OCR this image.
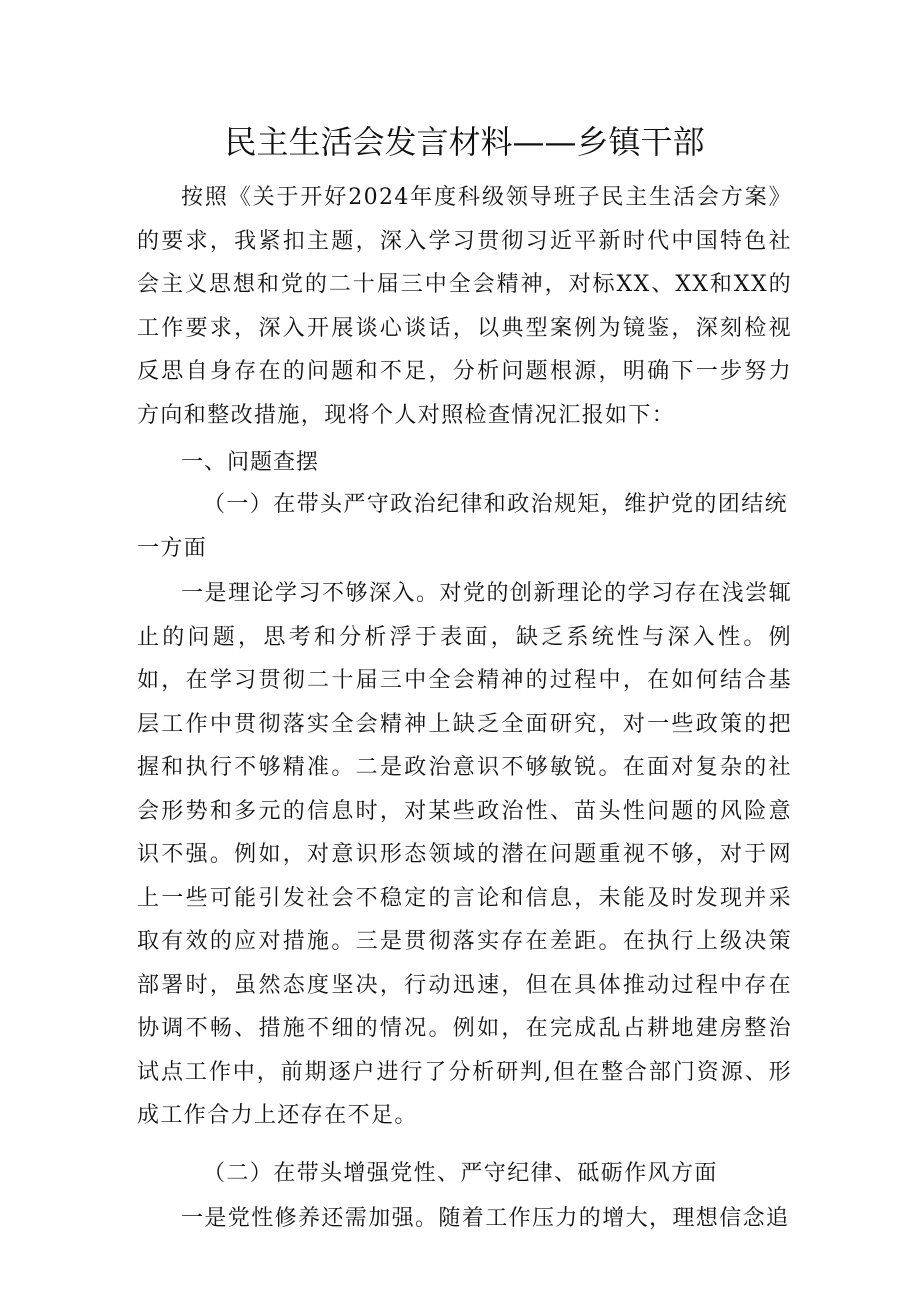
民主生活会发言材料——乡镇干部

按照《关于开好2024年度科级领导班子民主生活会方案》的要求，我紧扣主题，深入学习贯彻习近平新时代中国特色社会主义思想和党的二十届三中全会精神，对标XX、XX和XX的工作要求，深入开展谈心谈话，以典型案例为镜鉴，深刻检视反思自身存在的问题和不足，分析问题根源，明确下一步努力方向和整改措施，现将个人对照检查情况汇报如下：

一、问题查摆

（一）在带头严守政治纪律和政治规矩，维护党的团结统一方面

一是理论学习不够深入。对党的创新理论的学习存在浅尝辄止的问题，思考和分析浮于表面，缺乏系统性与深入性。例如，在学习贯彻二十届三中全会精神的过程中，在如何结合基层工作中贯彻落实全会精神上缺乏全面研究，对一些政策的把握和执行不够精准。二是政治意识不够敏锐。在面对复杂的社会形势和多元的信息时，对某些政治性、苗头性问题的风险意识不强。例如，对意识形态领域的潜在问题重视不够，对于网上一些可能引发社会不稳定的言论和信息，未能及时发现并采取有效的应对措施。三是贯彻落实存在差距。在执行上级决策部署时，虽然态度坚决，行动迅速，但在具体推动过程中存在协调不畅、措施不细的情况。例如，在完成乱占耕地建房整治试点工作中，前期逐户进行了分析研判,但在整合部门资源、形成工作合力上还存在不足。

（二）在带头增强党性、严守纪律、砥砺作风方面

一是党性修养还需加强。随着工作压力的增大，理想信念追
